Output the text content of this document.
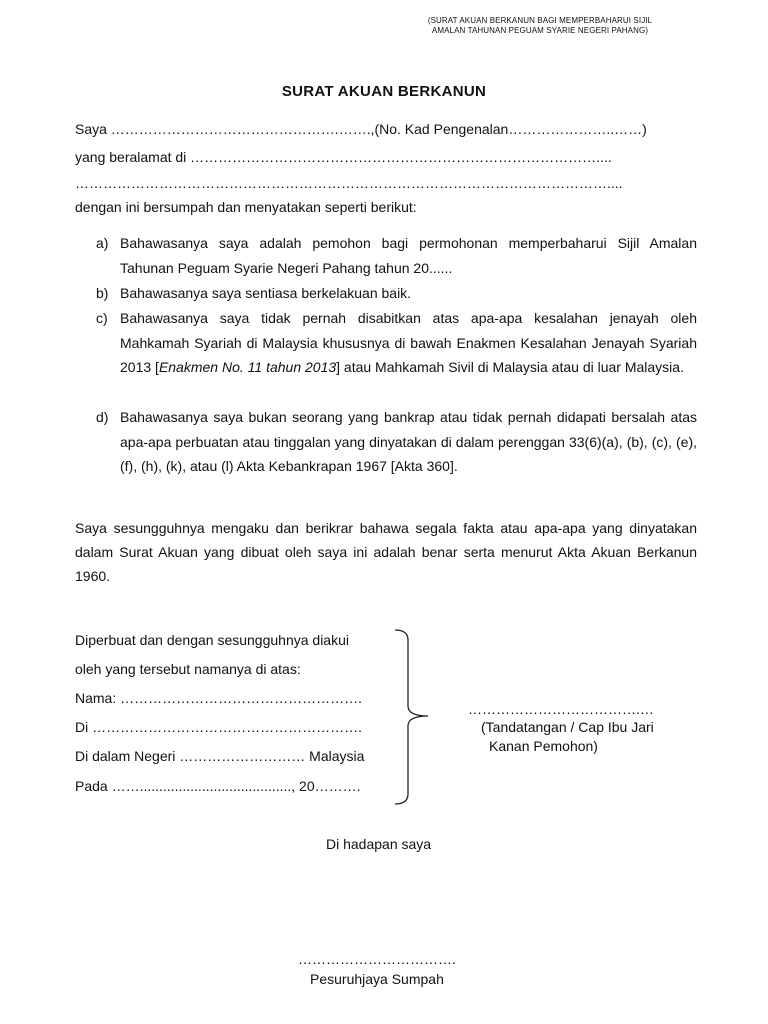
(SURAT AKUAN BERKANUN BAGI MEMPERBAHARUI SIJIL
AMALAN TAHUNAN PEGUAM SYARIE NEGERI PAHANG)
SURAT AKUAN BERKANUN
Saya ………………………………………….…….,(No. Kad Pengenalan…………………..……)
yang beralamat di ……………………………………………………………………………....
……………………………………………………………………………………………………....
dengan ini bersumpah dan menyatakan seperti berikut:
a) Bahawasanya saya adalah pemohon bagi permohonan memperbaharui Sijil Amalan Tahunan Peguam Syarie Negeri Pahang tahun 20......
b) Bahawasanya saya sentiasa berkelakuan baik.
c) Bahawasanya saya tidak pernah disabitkan atas apa-apa kesalahan jenayah oleh Mahkamah Syariah di Malaysia khususnya di bawah Enakmen Kesalahan Jenayah Syariah 2013 [Enakmen No. 11 tahun 2013] atau Mahkamah Sivil di Malaysia atau di luar Malaysia.
d) Bahawasanya saya bukan seorang yang bankrap atau tidak pernah didapati bersalah atas apa-apa perbuatan atau tinggalan yang dinyatakan di dalam perenggan 33(6)(a), (b), (c), (e), (f), (h), (k), atau (l) Akta Kebankrapan 1967 [Akta 360].
Saya sesungguhnya mengaku dan berikrar bahawa segala fakta atau apa-apa yang dinyatakan dalam Surat Akuan yang dibuat oleh saya ini adalah benar serta menurut Akta Akuan Berkanun 1960.
Diperbuat dan dengan sesungguhnya diakui
oleh yang tersebut namanya di atas:
Nama: …………………………………………….
Di ………………………………………………….
Di dalam Negeri ……………………… Malaysia
Pada ……......................................., 20……….
……………………………….…
(Tandatangan / Cap Ibu Jari
Kanan Pemohon)
Di hadapan saya
…………………………….
Pesuruhjaya Sumpah
